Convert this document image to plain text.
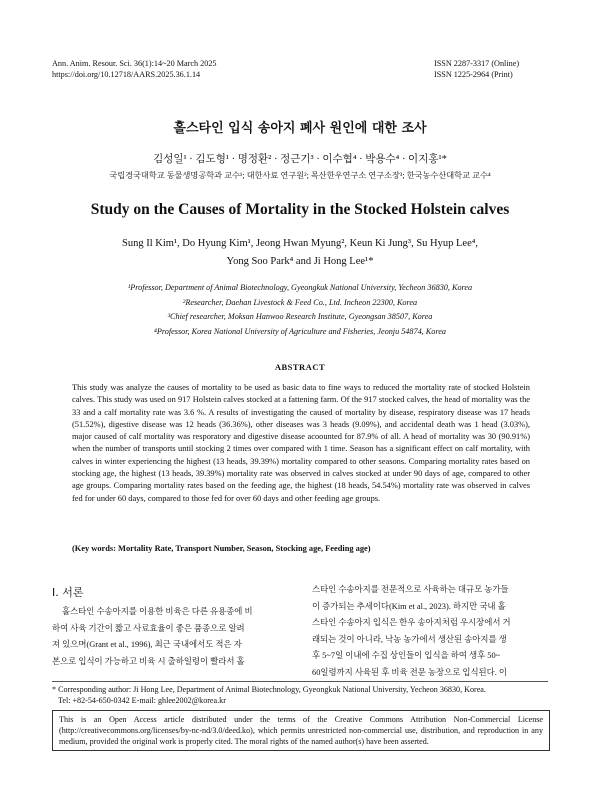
Ann. Anim. Resour. Sci. 36(1):14~20 March 2025
https://doi.org/10.12718/AARS.2025.36.1.14
ISSN 2287-3317 (Online)
ISSN 1225-2964 (Print)
홀스타인 입식 송아지 폐사 원인에 대한 조사
김성일¹ · 김도형¹ · 명정환² · 정근기³ · 이수협⁴ · 박용수⁴ · 이지홍¹*
국립경국대학교 동물생명공학과 교수¹; 대한사료 연구원²; 목산한우연구소 연구소장³; 한국농수산대학교 교수⁴
Study on the Causes of Mortality in the Stocked Holstein calves
Sung Il Kim¹, Do Hyung Kim¹, Jeong Hwan Myung², Keun Ki Jung³, Su Hyup Lee⁴,
Yong Soo Park⁴ and Ji Hong Lee¹*
¹Professor, Department of Animal Biotechnology, Gyeongkuk National University, Yecheon 36830, Korea
²Researcher, Daehan Livestock & Feed Co., Ltd. Incheon 22300, Korea
³Chief researcher, Moksan Hanwoo Research Institute, Gyeongsan 38507, Korea
⁴Professor, Korea National University of Agriculture and Fisheries, Jeonju 54874, Korea
ABSTRACT
This study was analyze the causes of mortality to be used as basic data to fine ways to reduced the mortality rate of stocked Holstein calves. This study was used on 917 Holstein calves stocked at a fattening farm. Of the 917 stocked calves, the head of mortality was the 33 and a calf mortality rate was 3.6 %. A results of investigating the caused of mortality by disease, respiratory disease was 17 heads (51.52%), digestive disease was 12 heads (36.36%), other diseases was 3 heads (9.09%), and accidental death was 1 head (3.03%), major caused of calf mortality was resporatory and digestive disease acoounted for 87.9% of all. A head of mortality was 30 (90.91%) when the number of transports until stocking 2 times over compared with 1 time. Season has a significant effect on calf mortality, with calves in winter experiencing the highest (13 heads, 39.39%) mortality compared to other seasons. Comparing mortality rates based on stocking age, the highest (13 heads, 39.39%) mortality rate was observed in calves stocked at under 90 days of age, compared to other age groups. Comparing mortality rates based on the feeding age, the highest (18 heads, 54.54%) mortality rate was observed in calves fed for under 60 days, compared to those fed for over 60 days and other feeding age groups.
(Key words: Mortality Rate, Transport Number, Season, Stocking age, Feeding age)
Ⅰ. 서론
홀스타인 수송아지를 이용한 비육은 다른 유용종에 비
하여 사육 기간이 짧고 사료효율이 좋은 품종으로 알려
져 있으며(Grant et al., 1996), 최근 국내에서도 적은 자
본으로 입식이 가능하고 비육 시 출하일령이 빨라서 홀
스타인 수송아지를 전문적으로 사육하는 대규모 농가들
이 증가되는 추세이다(Kim et al., 2023). 하지만 국내 홀
스타인 수송아지 입식은 한우 송아지처럼 우시장에서 거
래되는 것이 아니라, 낙농 농가에서 생산된 송아지를 생
후 5~7일 이내에 수집 상인들이 입식을 하여 생후 50~
60일령까지 사육된 후 비육 전문 농장으로 입식된다. 이
* Corresponding author: Ji Hong Lee, Department of Animal Biotechnology, Gyeongkuk National University, Yecheon 36830, Korea.
Tel: +82-54-650-0342 E-mail: ghlee2002@korea.kr
This is an Open Access article distributed under the terms of the Creative Commons Attribution Non-Commercial License (http://creativecommons.org/licenses/by-nc-nd/3.0/deed.ko), which permits unrestricted non-commercial use, distribution, and reproduction in any medium, provided the original work is properly cited. The moral rights of the named author(s) have been asserted.
